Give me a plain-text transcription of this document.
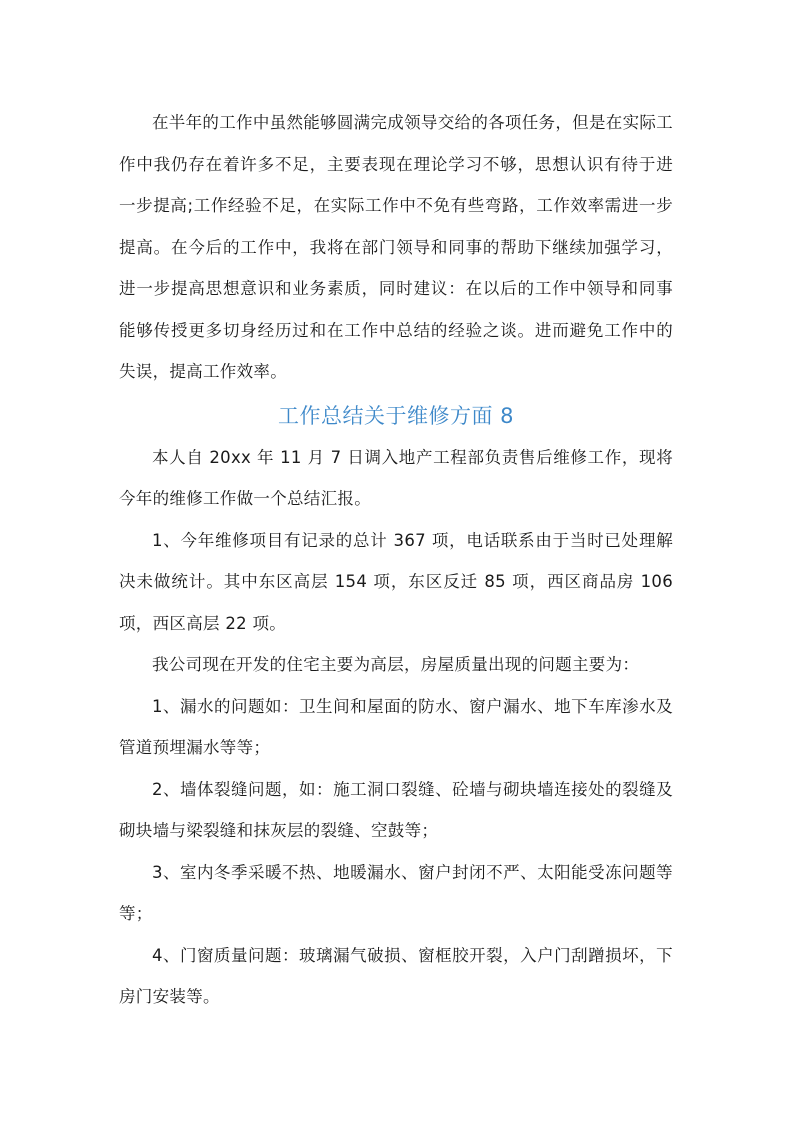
在半年的工作中虽然能够圆满完成领导交给的各项任务，但是在实际工作中我仍存在着许多不足，主要表现在理论学习不够，思想认识有待于进一步提高;工作经验不足，在实际工作中不免有些弯路，工作效率需进一步提高。在今后的工作中，我将在部门领导和同事的帮助下继续加强学习，进一步提高思想意识和业务素质，同时建议：在以后的工作中领导和同事能够传授更多切身经历过和在工作中总结的经验之谈。进而避免工作中的失误，提高工作效率。

工作总结关于维修方面 8

本人自 20xx 年 11 月 7 日调入地产工程部负责售后维修工作，现将今年的维修工作做一个总结汇报。

1、今年维修项目有记录的总计 367 项，电话联系由于当时已处理解决未做统计。其中东区高层 154 项，东区反迁 85 项，西区商品房 106 项，西区高层 22 项。

我公司现在开发的住宅主要为高层，房屋质量出现的问题主要为：

1、漏水的问题如：卫生间和屋面的防水、窗户漏水、地下车库渗水及管道预埋漏水等等；

2、墙体裂缝问题，如：施工洞口裂缝、砼墙与砌块墙连接处的裂缝及砌块墙与梁裂缝和抹灰层的裂缝、空鼓等；

3、室内冬季采暖不热、地暖漏水、窗户封闭不严、太阳能受冻问题等等；

4、门窗质量问题：玻璃漏气破损、窗框胶开裂，入户门刮蹭损坏，下房门安装等。
